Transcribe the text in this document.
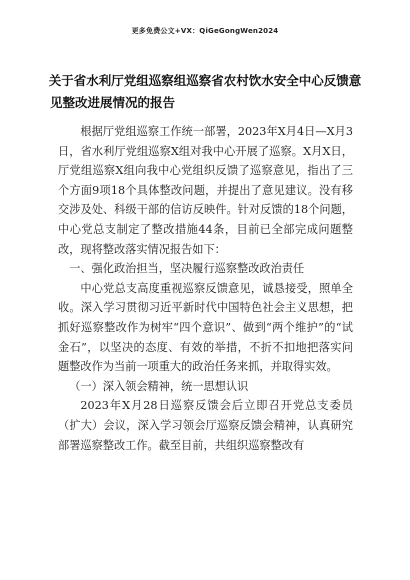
更多免费公文+VX：QiGeGongWen2024
关于省水利厅党组巡察组巡察省农村饮水安全中心反馈意
见整改进展情况的报告

根据厅党组巡察工作统一部署，2023年X月4日—X月3日，省水利厅党组巡察X组对我中心开展了巡察。X月X日，厅党组巡察X组向我中心党组织反馈了巡察意见，指出了三个方面9项18个具体整改问题，并提出了意见建议。没有移交涉及处、科级干部的信访反映件。针对反馈的18个问题，中心党总支制定了整改措施44条，目前已全部完成问题整改，现将整改落实情况报告如下：

一、强化政治担当，坚决履行巡察整改政治责任

中心党总支高度重视巡察反馈意见，诚恳接受，照单全收。深入学习贯彻习近平新时代中国特色社会主义思想，把抓好巡察整改作为树牢“四个意识”、做到“两个维护”的“试金石”，以坚决的态度、有效的举措，不折不扣地把落实问题整改作为当前一项重大的政治任务来抓，并取得实效。

（一）深入领会精神，统一思想认识

2023年X月28日巡察反馈会后立即召开党总支委员（扩大）会议，深入学习领会厅巡察反馈会精神，认真研究部署巡察整改工作。截至目前，共组织巡察整改有
